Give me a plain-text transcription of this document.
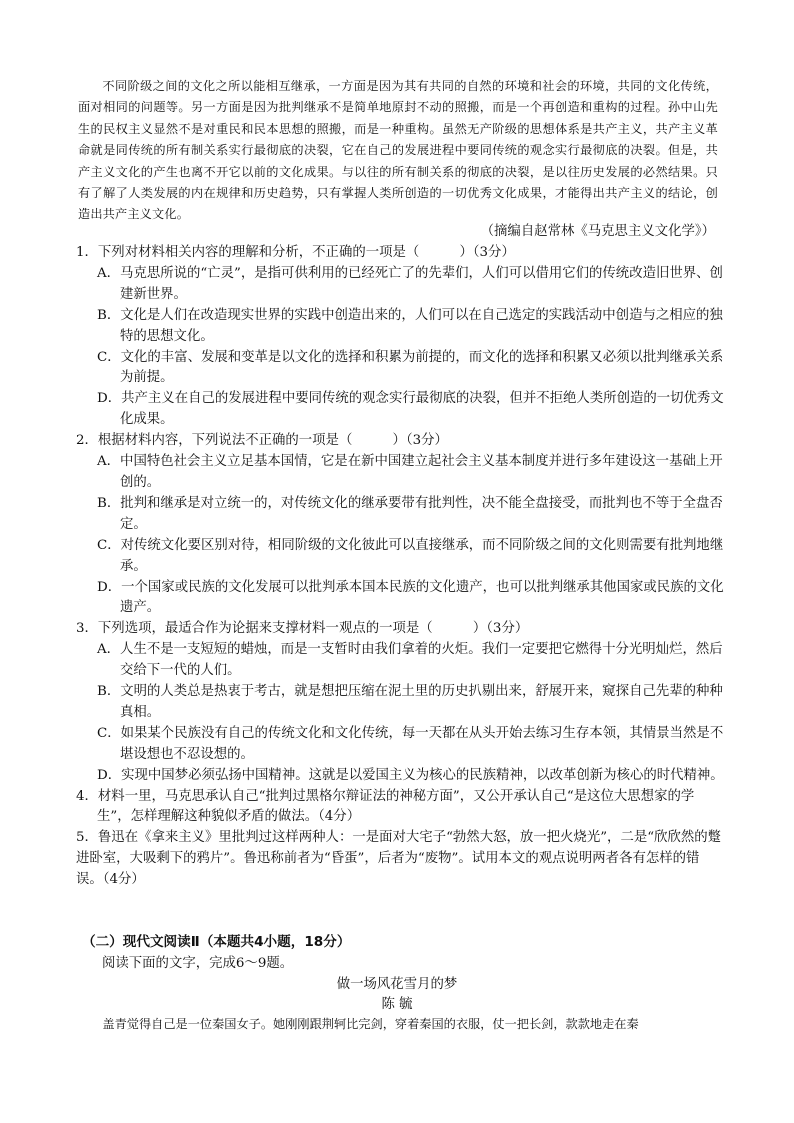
不同阶级之间的文化之所以能相互继承，一方面是因为其有共同的自然的环境和社会的环境，共同的文化传统，面对相同的问题等。另一方面是因为批判继承不是简单地原封不动的照搬，而是一个再创造和重构的过程。孙中山先生的民权主义显然不是对重民和民本思想的照搬，而是一种重构。虽然无产阶级的思想体系是共产主义，共产主义革命就是同传统的所有制关系实行最彻底的决裂，它在自己的发展进程中要同传统的观念实行最彻底的决裂。但是，共产主义文化的产生也离不开它以前的文化成果。与以往的所有制关系的彻底的决裂，是以往历史发展的必然结果。只有了解了人类发展的内在规律和历史趋势，只有掌握人类所创造的一切优秀文化成果，才能得出共产主义的结论，创造出共产主义文化。

（摘编自赵常林《马克思主义文化学》）
1．下列对材料相关内容的理解和分析，不正确的一项是（　　　）（3分）
A．马克思所说的“亡灵”，是指可供利用的已经死亡了的先辈们，人们可以借用它们的传统改造旧世界、创建新世界。
B．文化是人们在改造现实世界的实践中创造出来的，人们可以在自己选定的实践活动中创造与之相应的独特的思想文化。
C．文化的丰富、发展和变革是以文化的选择和积累为前提的，而文化的选择和积累又必须以批判继承关系为前提。
D．共产主义在自己的发展进程中要同传统的观念实行最彻底的决裂，但并不拒绝人类所创造的一切优秀文化成果。
2．根据材料内容，下列说法不正确的一项是（　　　）（3分）
A．中国特色社会主义立足基本国情，它是在新中国建立起社会主义基本制度并进行多年建设这一基础上开创的。
B．批判和继承是对立统一的，对传统文化的继承要带有批判性，决不能全盘接受，而批判也不等于全盘否定。
C．对传统文化要区别对待，相同阶级的文化彼此可以直接继承，而不同阶级之间的文化则需要有批判地继承。
D．一个国家或民族的文化发展可以批判承本国本民族的文化遗产，也可以批判继承其他国家或民族的文化遗产。
3．下列选项，最适合作为论据来支撑材料一观点的一项是（　　　）（3分）
A．人生不是一支短短的蜡烛，而是一支暂时由我们拿着的火炬。我们一定要把它燃得十分光明灿烂，然后交给下一代的人们。
B．文明的人类总是热衷于考古，就是想把压缩在泥土里的历史扒剔出来，舒展开来，窥探自己先辈的种种真相。
C．如果某个民族没有自己的传统文化和文化传统，每一天都在从头开始去练习生存本领，其情景当然是不堪设想也不忍设想的。
D．实现中国梦必须弘扬中国精神。这就是以爱国主义为核心的民族精神，以改革创新为核心的时代精神。
4．材料一里，马克思承认自己“批判过黑格尔辩证法的神秘方面”，又公开承认自己“是这位大思想家的学生”，怎样理解这种貌似矛盾的做法。（4分）
5．鲁迅在《拿来主义》里批判过这样两种人：一是面对大宅子“勃然大怒，放一把火烧光”，二是“欣欣然的蹩进卧室，大吸剩下的鸦片”。鲁迅称前者为“昏蛋”，后者为“废物”。试用本文的观点说明两者各有怎样的错误。（4分）
（二）现代文阅读Ⅱ（本题共4小题，18分）
阅读下面的文字，完成6～9题。
做一场风花雪月的梦
陈 毓
盖青觉得自己是一位秦国女子。她刚刚跟荆轲比完剑，穿着秦国的衣服，仗一把长剑，款款地走在秦
